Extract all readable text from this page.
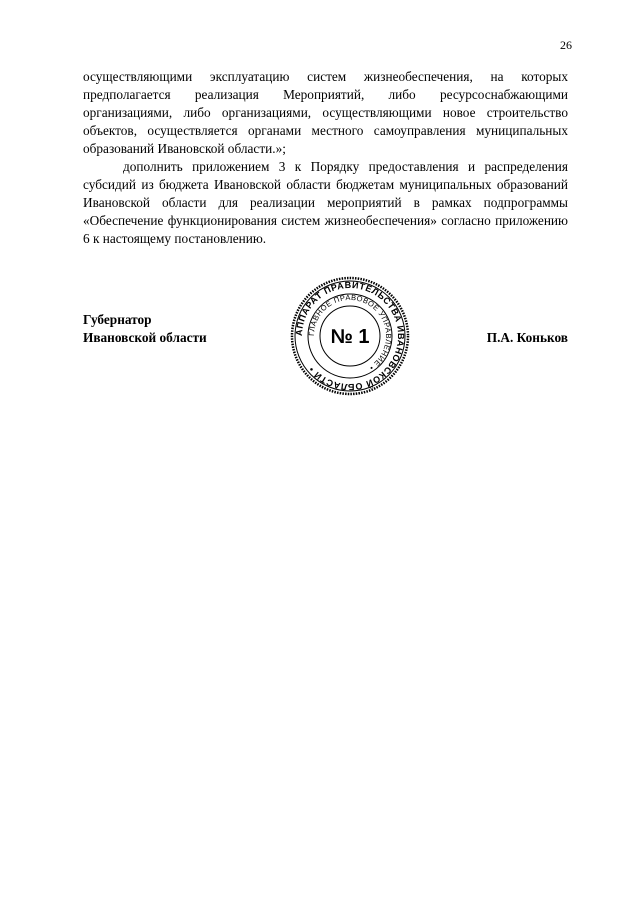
26

осуществляющими эксплуатацию систем жизнеобеспечения, на которых предполагается реализация Мероприятий, либо ресурсоснабжающими организациями, либо организациями, осуществляющими новое строительство объектов, осуществляется органами местного самоуправления муниципальных образований Ивановской области.»;

дополнить приложением 3 к Порядку предоставления и распределения субсидий из бюджета Ивановской области бюджетам муниципальных образований Ивановской области для реализации мероприятий в рамках подпрограммы «Обеспечение функционирования систем жизнеобеспечения» согласно приложению 6 к настоящему постановлению.

Губернатор
Ивановской области	П.А. Коньков
АППАРАТ ПРАВИТЕЛЬСТВА ИВАНОВСКОЙ ОБЛАСТИ •
ГЛАВНОЕ ПРАВОВОЕ УПРАВЛЕНИЕ •
№ 1
